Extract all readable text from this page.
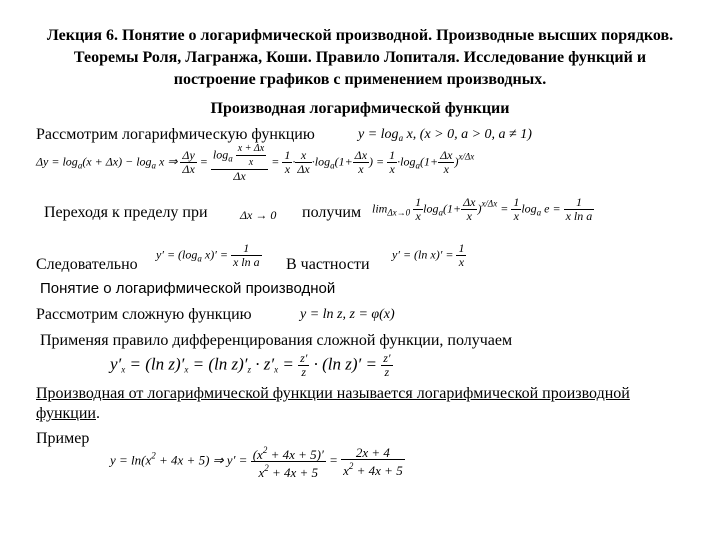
Лекция 6. Понятие о логарифмической производной. Производные высших порядков. Теоремы Роля, Лагранжа, Коши. Правило Лопиталя. Исследование функций и построение графиков с применением производных.
Производная логарифмической функции
Рассмотрим логарифмическую функцию	$y = \log_a x$, (x > 0, a > 0, a ≠ 1)
$\Delta y = \log_a(x + \Delta x) - \log_a x$ ⇒ $\frac{\Delta y}{\Delta x} = \frac{\log_a \frac{x + \Delta x}{x}}{\Delta x} = \frac{1}{x} \cdot \frac{x}{\Delta x} \cdot\log_a(1+ \frac{\Delta x}{x}$ ) = $\frac{1}{x} \cdot\log_a(1+ \frac{\Delta x}{x} )^{x/\Delta x}$
Переходя к пределу при	Δx → 0 получим $\lim_{\Delta x\to 0} \frac{1}{x} \log_a(1+ \frac{\Delta x}{x} )^{x/\Delta x} = \frac{1}{x} \log_a e = \frac{1}{\text{x ln a}}$
Следовательно
$y' = (\log_a$ $x)' = \frac{1}{\text{x ln a}}$ В частности
y′ = (ln $x)' = \frac{1}{x}$
Понятие о логарифмической производной
Рассмотрим сложную функцию	y = ln z, z = φ(x)
Применяя правило дифференцирования сложной функции, получаем
$y'_x = (\ln$ $z)'_x = (\ln$ $z)'_z \cdot z'_x = \frac{z'}{z} \cdot (\ln$ $z)' = \frac{z'}{z}$
Производная от логарифмической функции называется логарифмической производной функции.
Пример
$y = \ln(x^2 + 4x + 5)$ ⇒ $y' = \frac{(x^2 + 4x + 5)'}{x^2 + 4x + 5} = \frac{2x + 4}{x^2 + 4x + 5}$
